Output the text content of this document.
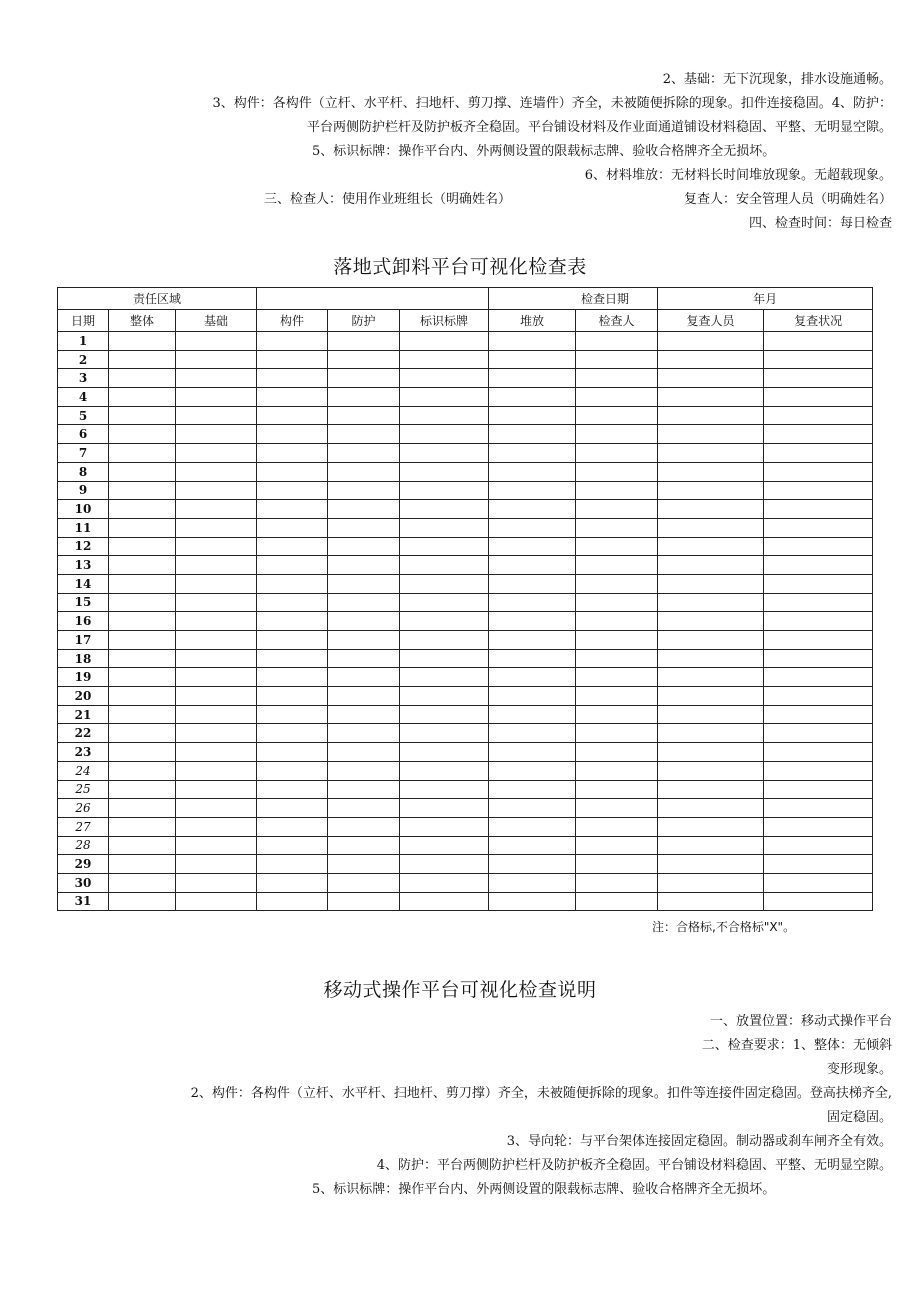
2、基础：无下沉现象，排水设施通畅。
3、构件：各构件（立杆、水平杆、扫地杆、剪刀撑、连墙件）齐全，未被随便拆除的现象。扣件连接稳固。4、防护：
平台两侧防护栏杆及防护板齐全稳固。平台铺设材料及作业面通道铺设材料稳固、平整、无明显空隙。
5、标识标牌：操作平台内、外两侧设置的限载标志牌、验收合格牌齐全无损坏。
6、材料堆放：无材料长时间堆放现象。无超载现象。
三、检查人：使用作业班组长（明确姓名）	复查人：安全管理人员（明确姓名）
四、检查时间：每日检查
落地式卸料平台可视化检查表
责任区域						检查日期		年月	
日期	整体	基础	构件	防护	标识标牌	堆放	检查人	复查人员	复查状况
1									
2									
3									
4									
5									
6									
7									
8									
9									
10									
11									
12									
13									
14									
15									
16									
17									
18									
19									
20									
21									
22									
23									
24									
25									
26									
27									
28									
29									
30									
31									
注：合格标,不合格标"X"。
移动式操作平台可视化检查说明
一、放置位置：移动式操作平台
二、检查要求：1、整体：无倾斜
变形现象。
2、构件：各构件（立杆、水平杆、扫地杆、剪刀撑）齐全，未被随便拆除的现象。扣件等连接件固定稳固。登高扶梯齐全,
固定稳固。
3、导向轮：与平台架体连接固定稳固。制动器或刹车闸齐全有效。
4、防护：平台两侧防护栏杆及防护板齐全稳固。平台铺设材料稳固、平整、无明显空隙。
5、标识标牌：操作平台内、外两侧设置的限载标志牌、验收合格牌齐全无损坏。
